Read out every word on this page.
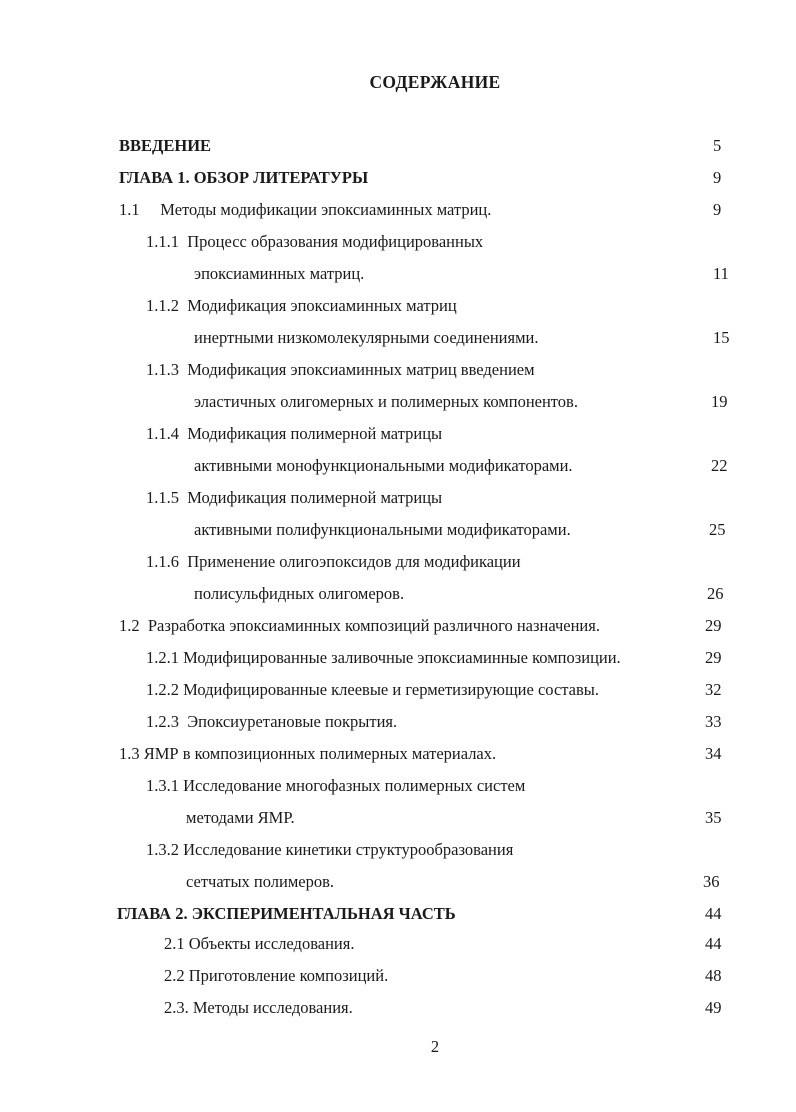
СОДЕРЖАНИЕ
ВВЕДЕНИЕ	5
ГЛАВА 1. ОБЗОР ЛИТЕРАТУРЫ	9
1.1     Методы модификации эпоксиаминных матриц.	9
1.1.1  Процесс образования модифицированных
эпоксиаминных матриц.	11
1.1.2  Модификация эпоксиаминных матриц
инертными низкомолекулярными соединениями.	15
1.1.3  Модификация эпоксиаминных матриц введением
эластичных олигомерных и полимерных компонентов.	19
1.1.4  Модификация полимерной матрицы
активными монофункциональными модификаторами.	22
1.1.5  Модификация полимерной матрицы
активными полифункциональными модификаторами.	25
1.1.6  Применение олигоэпоксидов для модификации
полисульфидных олигомеров.	26
1.2  Разработка эпоксиаминных композиций различного назначения.	29
1.2.1 Модифицированные заливочные эпоксиаминные композиции.	29
1.2.2 Модифицированные клеевые и герметизирующие составы.	32
1.2.3  Эпоксиуретановые покрытия.	33
1.3 ЯМР в композиционных полимерных материалах.	34
1.3.1 Исследование многофазных полимерных систем
методами ЯМР.	35
1.3.2 Исследование кинетики структурообразования
сетчатых полимеров.	36
ГЛАВА 2. ЭКСПЕРИМЕНТАЛЬНАЯ ЧАСТЬ	44
2.1 Объекты исследования.	44
2.2 Приготовление композиций.	48
2.3. Методы исследования.	49
2
